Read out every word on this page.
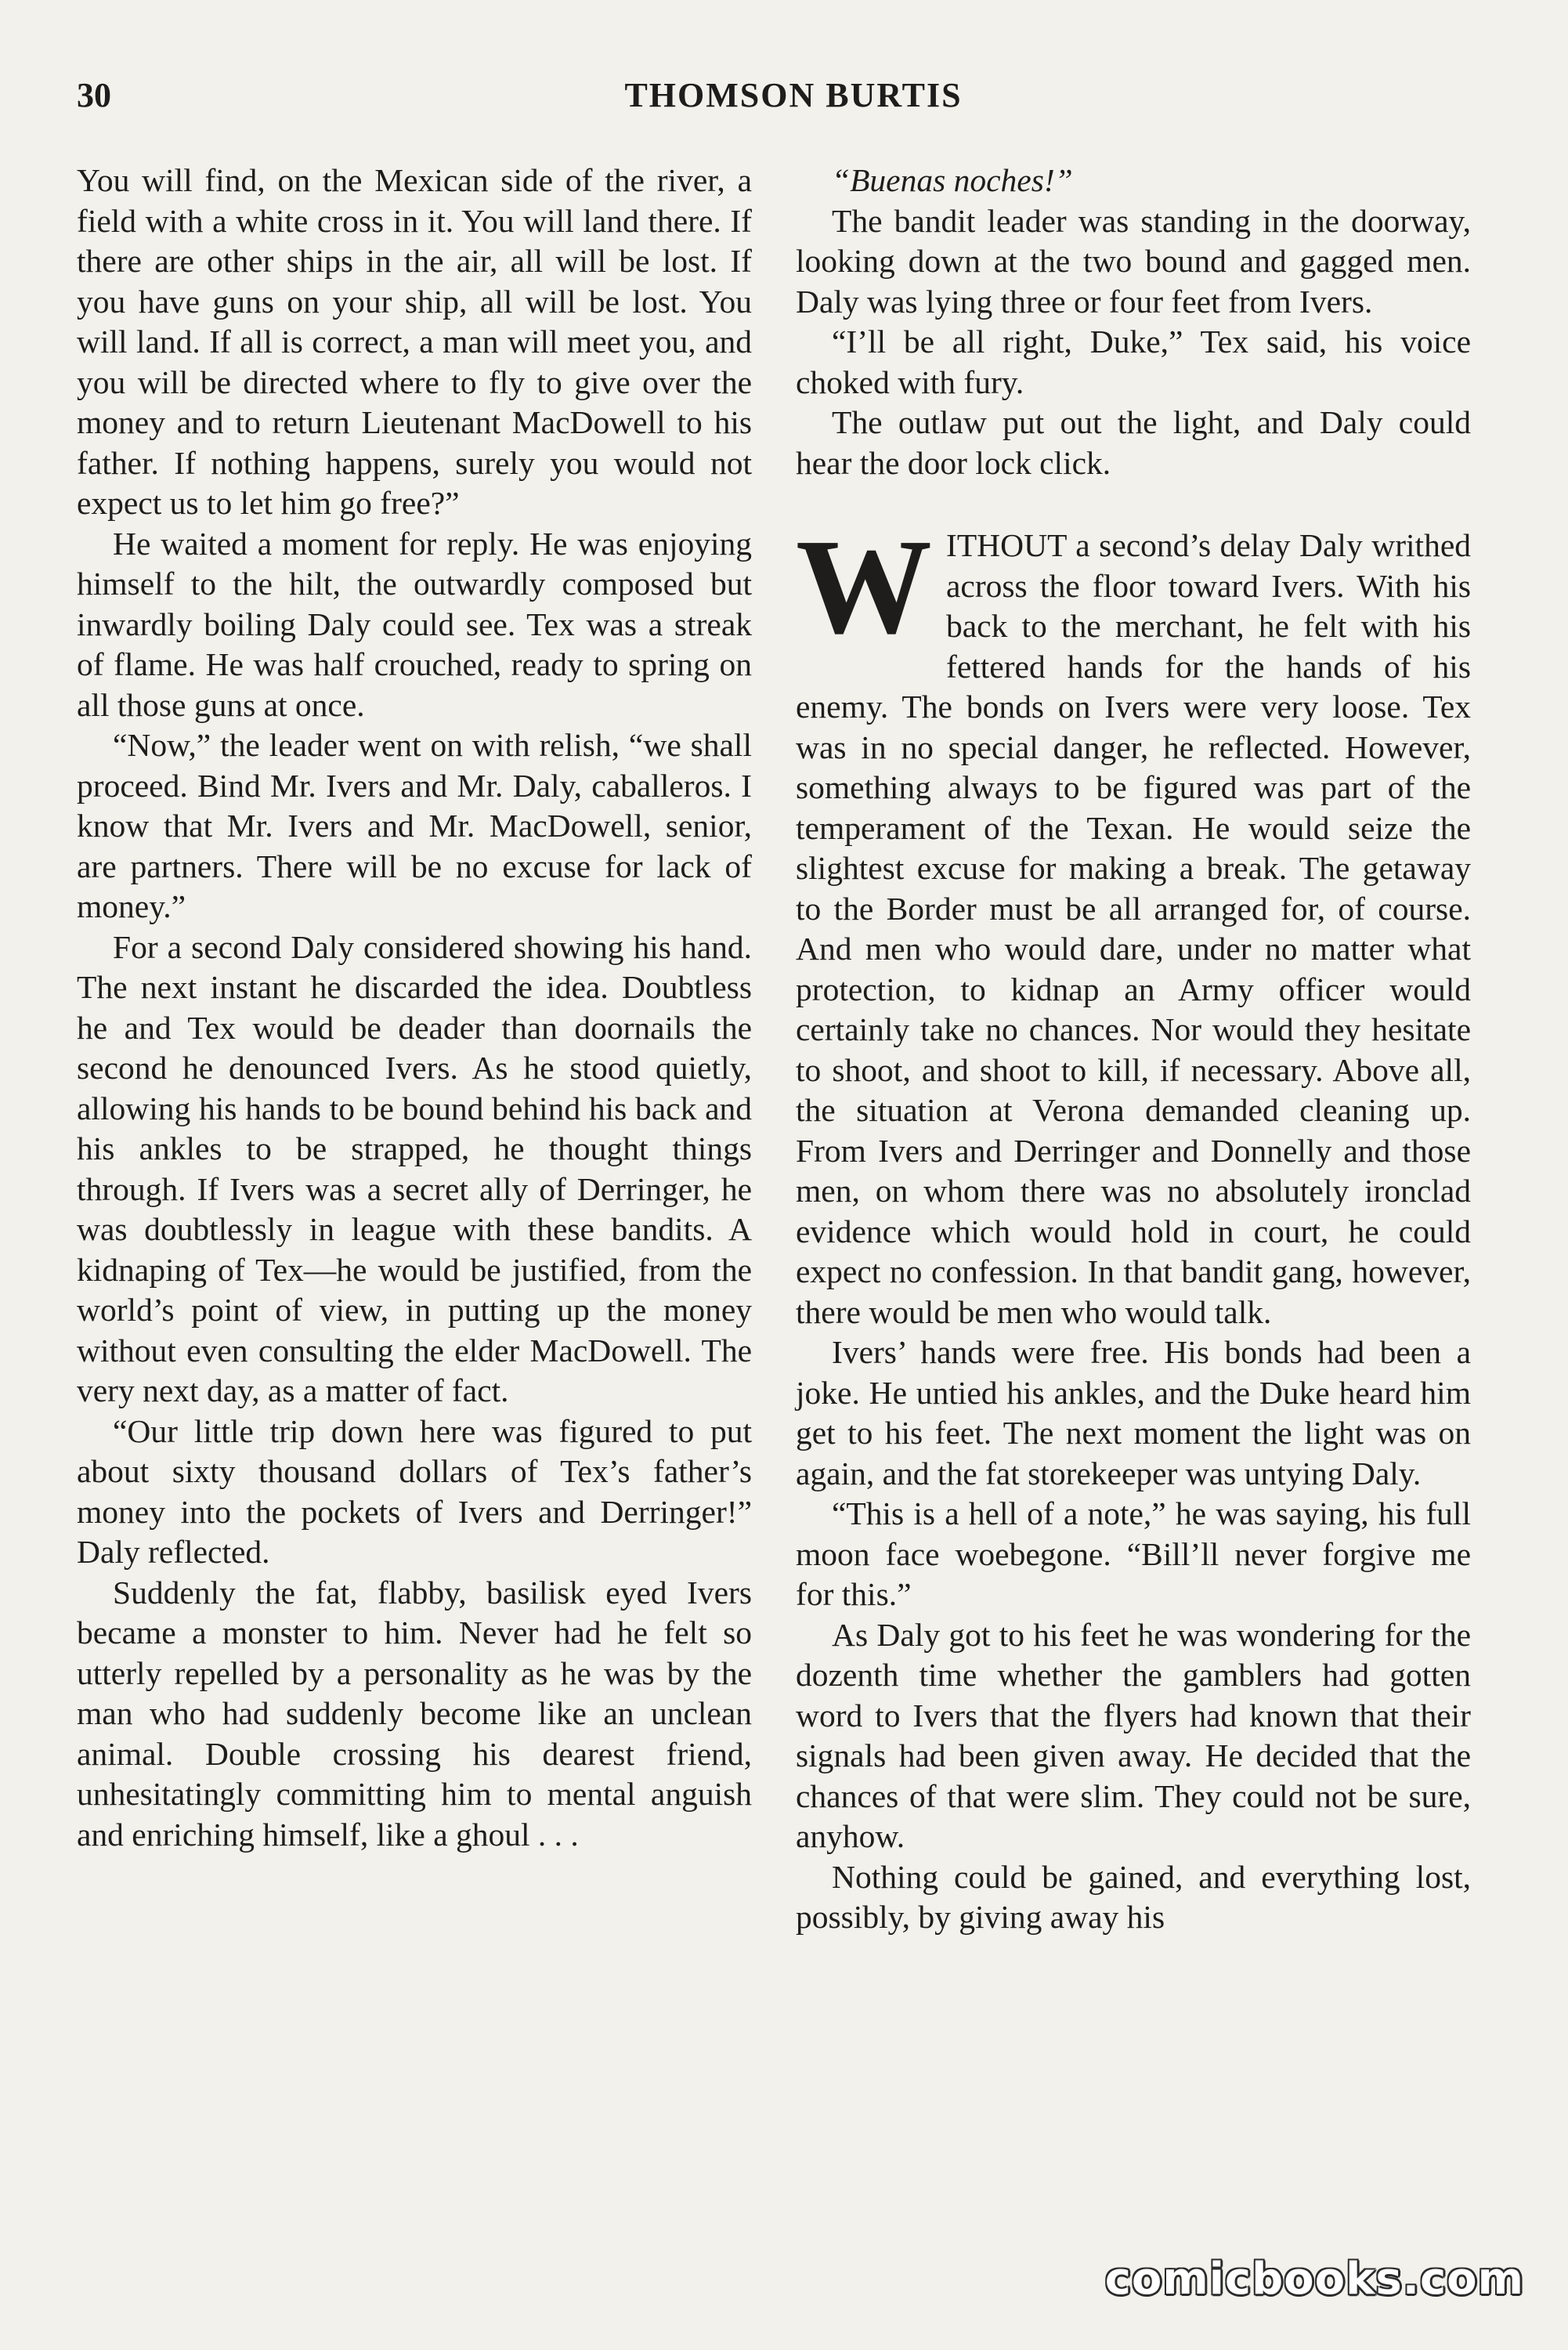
30	THOMSON BURTIS

You will find, on the Mexican side of the river, a field with a white cross in it. You will land there. If there are other ships in the air, all will be lost. If you have guns on your ship, all will be lost. You will land. If all is correct, a man will meet you, and you will be directed where to fly to give over the money and to return Lieutenant MacDowell to his father. If nothing happens, surely you would not expect us to let him go free?”

He waited a moment for reply. He was enjoying himself to the hilt, the outwardly composed but inwardly boiling Daly could see. Tex was a streak of flame. He was half crouched, ready to spring on all those guns at once.

“Now,” the leader went on with relish, “we shall proceed. Bind Mr. Ivers and Mr. Daly, caballeros. I know that Mr. Ivers and Mr. MacDowell, senior, are partners. There will be no excuse for lack of money.”

For a second Daly considered showing his hand. The next instant he discarded the idea. Doubtless he and Tex would be deader than doornails the second he denounced Ivers. As he stood quietly, allowing his hands to be bound behind his back and his ankles to be strapped, he thought things through. If Ivers was a secret ally of Derringer, he was doubtlessly in league with these bandits. A kidnaping of Tex—he would be justified, from the world’s point of view, in putting up the money without even consulting the elder MacDowell. The very next day, as a matter of fact.

“Our little trip down here was figured to put about sixty thousand dollars of Tex’s father’s money into the pockets of Ivers and Derringer!” Daly reflected.

Suddenly the fat, flabby, basilisk eyed Ivers became a monster to him. Never had he felt so utterly repelled by a personality as he was by the man who had suddenly become like an unclean animal. Double crossing his dearest friend, unhesitatingly committing him to mental anguish and enriching himself, like a ghoul . . .

“Buenas noches!”

The bandit leader was standing in the doorway, looking down at the two bound and gagged men. Daly was lying three or four feet from Ivers.

“I’ll be all right, Duke,” Tex said, his voice choked with fury.

The outlaw put out the light, and Daly could hear the door lock click.

WITHOUT a second’s delay Daly writhed across the floor toward Ivers. With his back to the merchant, he felt with his fettered hands for the hands of his enemy. The bonds on Ivers were very loose. Tex was in no special danger, he reflected. However, something always to be figured was part of the temperament of the Texan. He would seize the slightest excuse for making a break. The getaway to the Border must be all arranged for, of course. And men who would dare, under no matter what protection, to kidnap an Army officer would certainly take no chances. Nor would they hesitate to shoot, and shoot to kill, if necessary. Above all, the situation at Verona demanded cleaning up. From Ivers and Derringer and Donnelly and those men, on whom there was no absolutely ironclad evidence which would hold in court, he could expect no confession. In that bandit gang, however, there would be men who would talk.

Ivers’ hands were free. His bonds had been a joke. He untied his ankles, and the Duke heard him get to his feet. The next moment the light was on again, and the fat storekeeper was untying Daly.

“This is a hell of a note,” he was saying, his full moon face woebegone. “Bill’ll never forgive me for this.”

As Daly got to his feet he was wondering for the dozenth time whether the gamblers had gotten word to Ivers that the flyers had known that their signals had been given away. He decided that the chances of that were slim. They could not be sure, anyhow.

Nothing could be gained, and everything lost, possibly, by giving away his

comicbooks.com
